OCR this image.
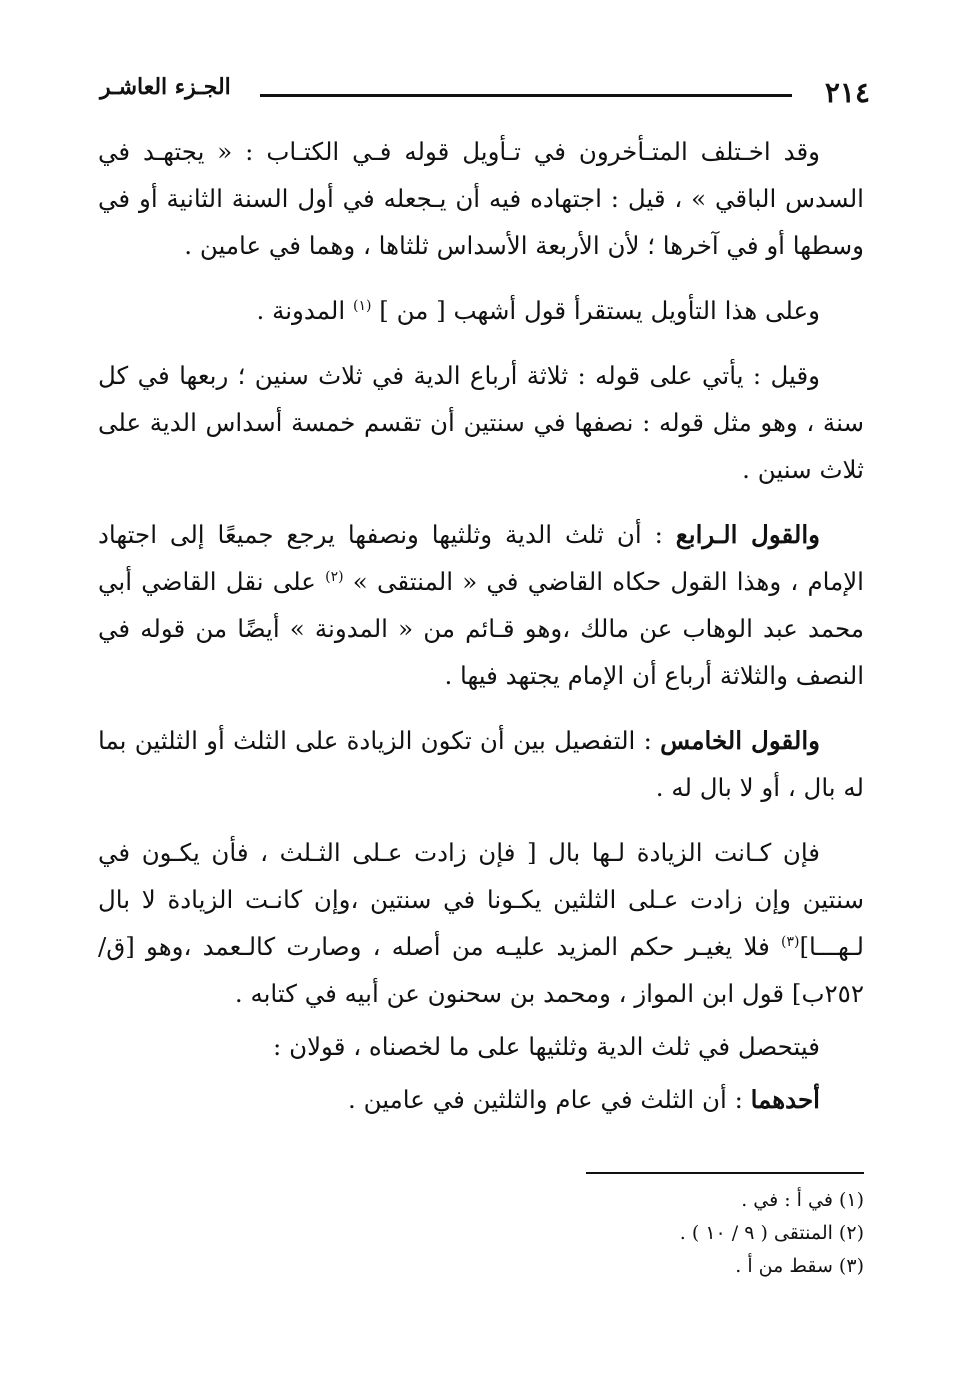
٢١٤
الجـزء العاشـر

وقد اخـتلف المتـأخرون في تـأويل قوله فـي الكتـاب : « يجتهـد في السدس الباقي » ، قيل : اجتهاده فيه أن يـجعله في أول السنة الثانية أو في وسطها أو في آخرها ؛ لأن الأربعة الأسداس ثلثاها ، وهما في عامين .

وعلى هذا التأويل يستقرأ قول أشهب [ من ] $^{(١)}$ المدونة .

وقيل : يأتي على قوله : ثلاثة أرباع الدية في ثلاث سنين ؛ ربعها في كل سنة ، وهو مثل قوله : نصفها في سنتين أن تقسم خمسة أسداس الدية على ثلاث سنين .

والقول الـرابع : أن ثلث الدية وثلثيها ونصفها يرجع جميعًا إلى اجتهاد الإمام ، وهذا القول حكاه القاضي في « المنتقى » $^{(٢)}$ على نقل القاضي أبي محمد عبد الوهاب عن مالك ،وهو قـائم من « المدونة » أيضًا من قوله في النصف والثلاثة أرباع أن الإمام يجتهد فيها .

والقول الخامس : التفصيل بين أن تكون الزيادة على الثلث أو الثلثين بما له بال ، أو لا بال له .

فإن كـانت الزيادة لـها بال [ فإن زادت عـلى الثـلث ، فأن يكـون في سنتين وإن زادت عـلى الثلثين يكـونا في سنتين ،وإن كانـت الزيادة لا بال لـهـــا]$^{(٣)}$ فلا يغيـر حكم المزيد عليـه من أصله ، وصارت كالـعمد ،وهو [ق/ ٢٥٢ب] قول ابن المواز ، ومحمد بن سحنون عن أبيه في كتابه .

فيتحصل في ثلث الدية وثلثيها على ما لخصناه ، قولان :

أحدهما : أن الثلث في عام والثلثين في عامين .

(١) في أ : في .

(٢) المنتقى ( ٩ / ١٠ ) .

(٣) سقط من أ .
